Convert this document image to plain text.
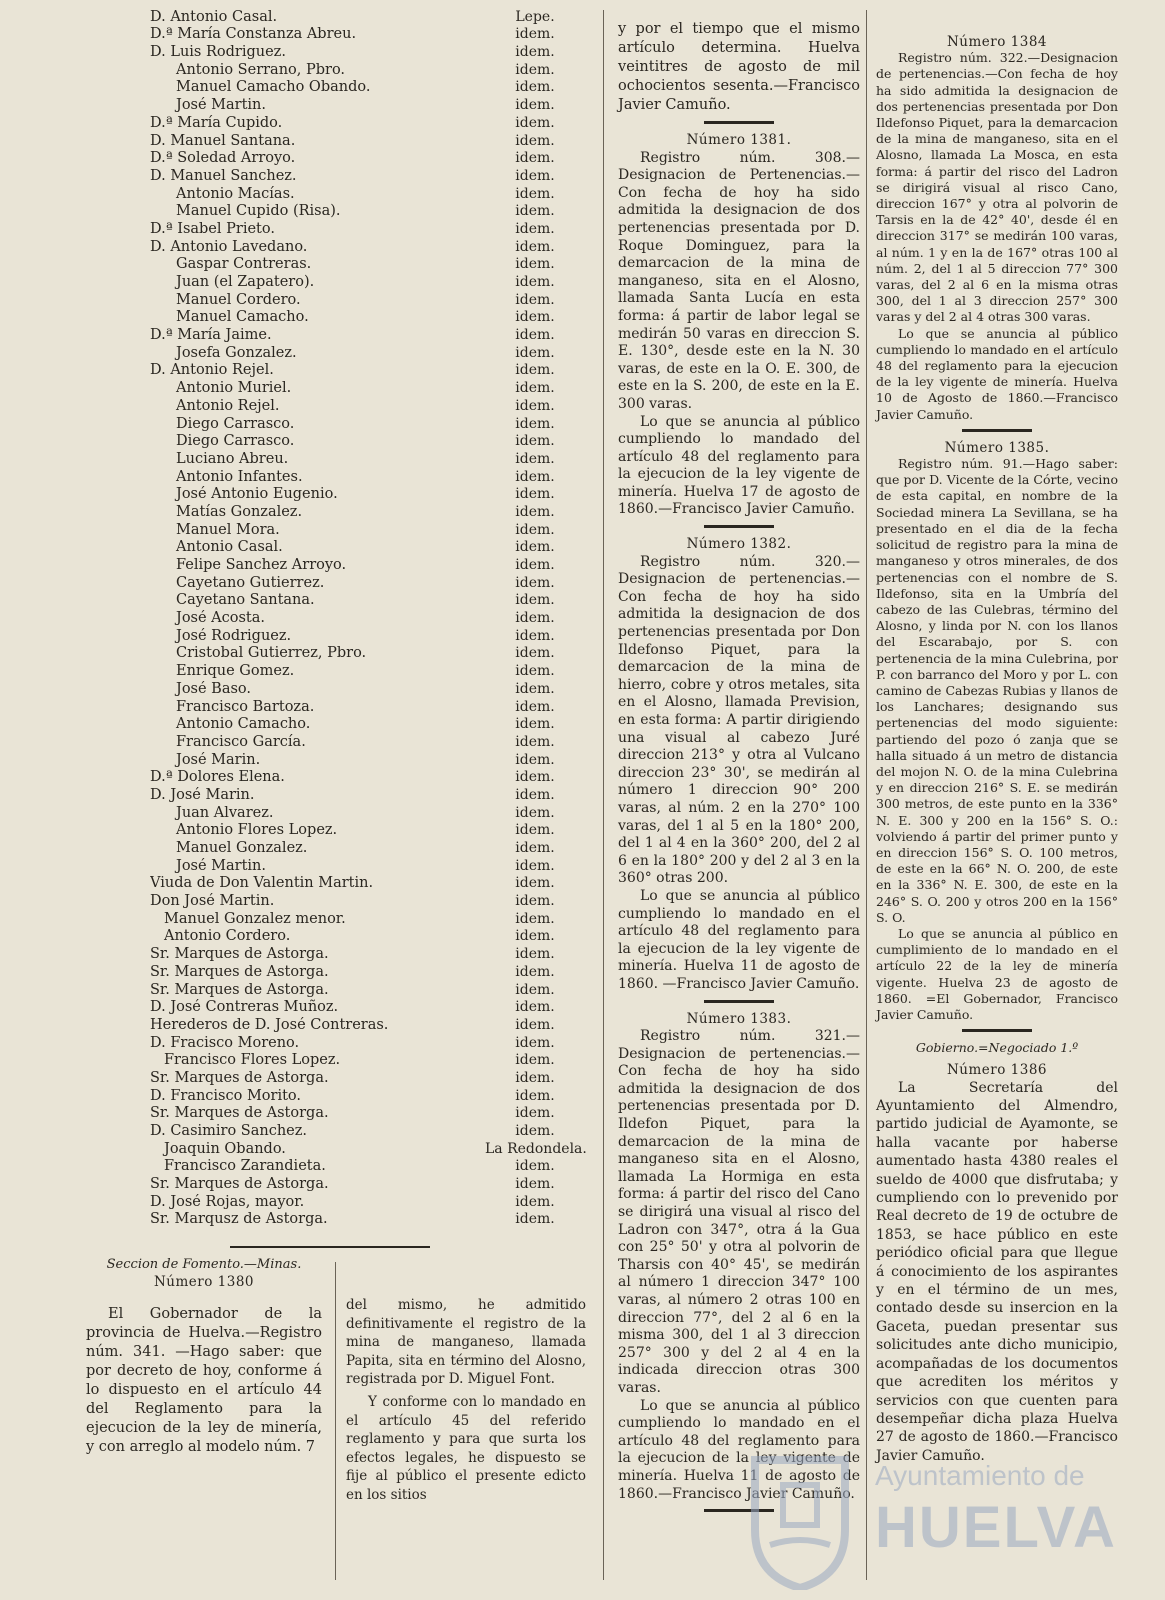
D. Antonio Casal.	Lepe.
D.ª María Constanza Abreu.	idem.
D. Luis Rodriguez.	idem.
Antonio Serrano, Pbro.	idem.
Manuel Camacho Obando.	idem.
José Martin.	idem.
D.ª María Cupido.	idem.
D. Manuel Santana.	idem.
D.ª Soledad Arroyo.	idem.
D. Manuel Sanchez.	idem.
Antonio Macías.	idem.
Manuel Cupido (Risa).	idem.
D.ª Isabel Prieto.	idem.
D. Antonio Lavedano.	idem.
Gaspar Contreras.	idem.
Juan (el Zapatero).	idem.
Manuel Cordero.	idem.
Manuel Camacho.	idem.
D.ª María Jaime.	idem.
Josefa Gonzalez.	idem.
D. Antonio Rejel.	idem.
Antonio Muriel.	idem.
Antonio Rejel.	idem.
Diego Carrasco.	idem.
Diego Carrasco.	idem.
Luciano Abreu.	idem.
Antonio Infantes.	idem.
José Antonio Eugenio.	idem.
Matías Gonzalez.	idem.
Manuel Mora.	idem.
Antonio Casal.	idem.
Felipe Sanchez Arroyo.	idem.
Cayetano Gutierrez.	idem.
Cayetano Santana.	idem.
José Acosta.	idem.
José Rodriguez.	idem.
Cristobal Gutierrez, Pbro.	idem.
Enrique Gomez.	idem.
José Baso.	idem.
Francisco Bartoza.	idem.
Antonio Camacho.	idem.
Francisco García.	idem.
José Marin.	idem.
D.ª Dolores Elena.	idem.
D. José Marin.	idem.
Juan Alvarez.	idem.
Antonio Flores Lopez.	idem.
Manuel Gonzalez.	idem.
José Martin.	idem.
Viuda de Don Valentin Martin.	idem.
Don José Martin.	idem.
Manuel Gonzalez menor.	idem.
Antonio Cordero.	idem.
Sr. Marques de Astorga.	idem.
Sr. Marques de Astorga.	idem.
Sr. Marques de Astorga.	idem.
D. José Contreras Muñoz.	idem.
Herederos de D. José Contreras.	idem.
D. Fracisco Moreno.	idem.
Francisco Flores Lopez.	idem.
Sr. Marques de Astorga.	idem.
D. Francisco Morito.	idem.
Sr. Marques de Astorga.	idem.
D. Casimiro Sanchez.	idem.
Joaquin Obando.	La Redondela.
Francisco Zarandieta.	idem.
Sr. Marques de Astorga.	idem.
D. José Rojas, mayor.	idem.
Sr. Marqusz de Astorga.	idem.

Seccion de Fomento.—Minas.

Número 1380

El Gobernador de la provincia de Huelva.—Registro núm. 341. —Hago saber: que por decreto de hoy, conforme á lo dispuesto en el artículo 44 del Reglamento para la ejecucion de la ley de minería, y con arreglo al modelo núm. 7

del mismo, he admitido definitivamente el registro de la mina de manganeso, llamada Papita, sita en término del Alosno, registrada por D. Miguel Font.

Y conforme con lo mandado en el artículo 45 del referido reglamento y para que surta los efectos legales, he dispuesto se fije al público el presente edicto en los sitios

y por el tiempo que el mismo artículo determina. Huelva veintitres de agosto de mil ochocientos sesenta.—Francisco Javier Camuño.

Número 1381.

Registro núm. 308.—Designacion de Pertenencias.—Con fecha de hoy ha sido admitida la designacion de dos pertenencias presentada por D. Roque Dominguez, para la demarcacion de la mina de manganeso, sita en el Alosno, llamada Santa Lucía en esta forma: á partir de labor legal se medirán 50 varas en direccion S. E. 130°, desde este en la N. 30 varas, de este en la O. E. 300, de este en la S. 200, de este en la E. 300 varas.

Lo que se anuncia al público cumpliendo lo mandado del artículo 48 del reglamento para la ejecucion de la ley vigente de minería. Huelva 17 de agosto de 1860.—Francisco Javier Camuño.

Número 1382.

Registro núm. 320.—Designacion de pertenencias.—Con fecha de hoy ha sido admitida la designacion de dos pertenencias presentada por Don Ildefonso Piquet, para la demarcacion de la mina de hierro, cobre y otros metales, sita en el Alosno, llamada Prevision, en esta forma: A partir dirigiendo una visual al cabezo Juré direccion 213° y otra al Vulcano direccion 23° 30', se medirán al número 1 direccion 90° 200 varas, al núm. 2 en la 270° 100 varas, del 1 al 5 en la 180° 200, del 1 al 4 en la 360° 200, del 2 al 6 en la 180° 200 y del 2 al 3 en la 360° otras 200.

Lo que se anuncia al público cumpliendo lo mandado en el artículo 48 del reglamento para la ejecucion de la ley vigente de minería. Huelva 11 de agosto de 1860. —Francisco Javier Camuño.

Número 1383.

Registro núm. 321.—Designacion de pertenencias.—Con fecha de hoy ha sido admitida la designacion de dos pertenencias presentada por D. Ildefon Piquet, para la demarcacion de la mina de manganeso sita en el Alosno, llamada La Hormiga en esta forma: á partir del risco del Cano se dirigirá una visual al risco del Ladron con 347°, otra á la Gua con 25° 50' y otra al polvorin de Tharsis con 40° 45', se medirán al número 1 direccion 347° 100 varas, al número 2 otras 100 en direccion 77°, del 2 al 6 en la misma 300, del 1 al 3 direccion 257° 300 y del 2 al 4 en la indicada direccion otras 300 varas.

Lo que se anuncia al público cumpliendo lo mandado en el artículo 48 del reglamento para la ejecucion de la ley vigente de minería. Huelva 11 de agosto de 1860.—Francisco Javier Camuño.

Número 1384

Registro núm. 322.—Designacion de pertenencias.—Con fecha de hoy ha sido admitida la designacion de dos pertenencias presentada por Don Ildefonso Piquet, para la demarcacion de la mina de manganeso, sita en el Alosno, llamada La Mosca, en esta forma: á partir del risco del Ladron se dirigirá visual al risco Cano, direccion 167° y otra al polvorin de Tarsis en la de 42° 40', desde él en direccion 317° se medirán 100 varas, al núm. 1 y en la de 167° otras 100 al núm. 2, del 1 al 5 direccion 77° 300 varas, del 2 al 6 en la misma otras 300, del 1 al 3 direccion 257° 300 varas y del 2 al 4 otras 300 varas.

Lo que se anuncia al público cumpliendo lo mandado en el artículo 48 del reglamento para la ejecucion de la ley vigente de minería. Huelva 10 de Agosto de 1860.—Francisco Javier Camuño.

Número 1385.

Registro núm. 91.—Hago saber: que por D. Vicente de la Córte, vecino de esta capital, en nombre de la Sociedad minera La Sevillana, se ha presentado en el dia de la fecha solicitud de registro para la mina de manganeso y otros minerales, de dos pertenencias con el nombre de S. Ildefonso, sita en la Umbría del cabezo de las Culebras, término del Alosno, y linda por N. con los llanos del Escarabajo, por S. con pertenencia de la mina Culebrina, por P. con barranco del Moro y por L. con camino de Cabezas Rubias y llanos de los Lanchares; designando sus pertenencias del modo siguiente: partiendo del pozo ó zanja que se halla situado á un metro de distancia del mojon N. O. de la mina Culebrina y en direccion 216° S. E. se medirán 300 metros, de este punto en la 336° N. E. 300 y 200 en la 156° S. O.: volviendo á partir del primer punto y en direccion 156° S. O. 100 metros, de este en la 66° N. O. 200, de este en la 336° N. E. 300, de este en la 246° S. O. 200 y otros 200 en la 156° S. O.

Lo que se anuncia al público en cumplimiento de lo mandado en el artículo 22 de la ley de minería vigente. Huelva 23 de agosto de 1860. =El Gobernador, Francisco Javier Camuño.

Gobierno.=Negociado 1.º

Número 1386

La Secretaría del Ayuntamiento del Almendro, partido judicial de Ayamonte, se halla vacante por haberse aumentado hasta 4380 reales el sueldo de 4000 que disfrutaba; y cumpliendo con lo prevenido por Real decreto de 19 de octubre de 1853, se hace público en este periódico oficial para que llegue á conocimiento de los aspirantes y en el término de un mes, contado desde su insercion en la Gaceta, puedan presentar sus solicitudes ante dicho municipio, acompañadas de los documentos que acrediten los méritos y servicios con que cuenten para desempeñar dicha plaza Huelva 27 de agosto de 1860.—Francisco Javier Camuño.

Ayuntamiento de
HUELVA
